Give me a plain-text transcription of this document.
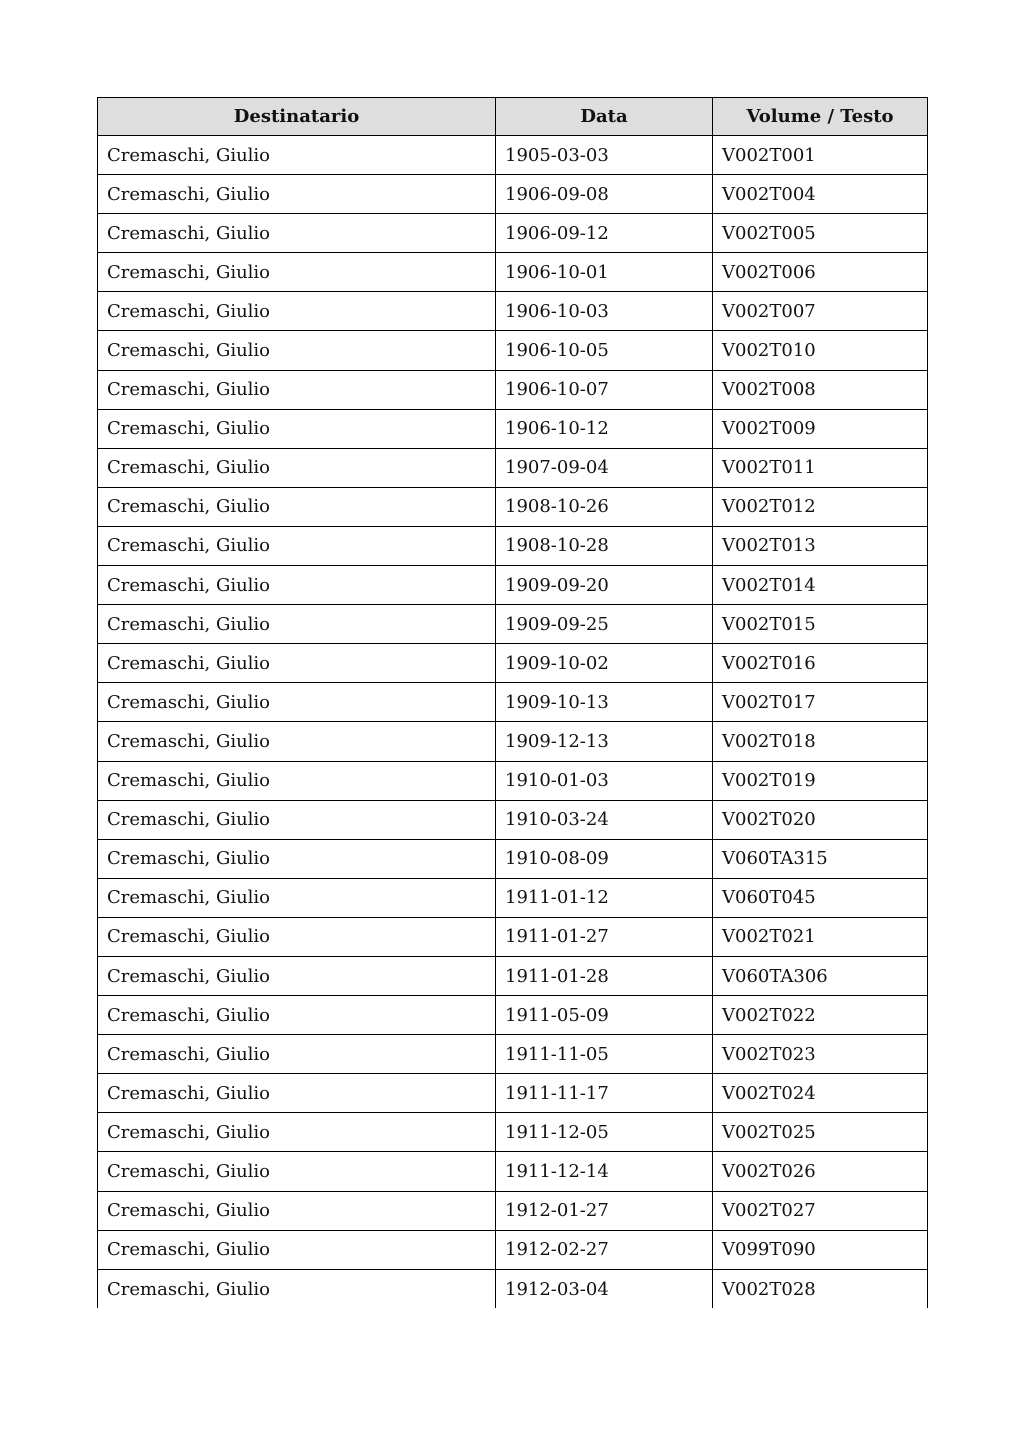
Destinatario	Data	Volume / Testo
Cremaschi, Giulio	1905-03-03	V002T001
Cremaschi, Giulio	1906-09-08	V002T004
Cremaschi, Giulio	1906-09-12	V002T005
Cremaschi, Giulio	1906-10-01	V002T006
Cremaschi, Giulio	1906-10-03	V002T007
Cremaschi, Giulio	1906-10-05	V002T010
Cremaschi, Giulio	1906-10-07	V002T008
Cremaschi, Giulio	1906-10-12	V002T009
Cremaschi, Giulio	1907-09-04	V002T011
Cremaschi, Giulio	1908-10-26	V002T012
Cremaschi, Giulio	1908-10-28	V002T013
Cremaschi, Giulio	1909-09-20	V002T014
Cremaschi, Giulio	1909-09-25	V002T015
Cremaschi, Giulio	1909-10-02	V002T016
Cremaschi, Giulio	1909-10-13	V002T017
Cremaschi, Giulio	1909-12-13	V002T018
Cremaschi, Giulio	1910-01-03	V002T019
Cremaschi, Giulio	1910-03-24	V002T020
Cremaschi, Giulio	1910-08-09	V060TA315
Cremaschi, Giulio	1911-01-12	V060T045
Cremaschi, Giulio	1911-01-27	V002T021
Cremaschi, Giulio	1911-01-28	V060TA306
Cremaschi, Giulio	1911-05-09	V002T022
Cremaschi, Giulio	1911-11-05	V002T023
Cremaschi, Giulio	1911-11-17	V002T024
Cremaschi, Giulio	1911-12-05	V002T025
Cremaschi, Giulio	1911-12-14	V002T026
Cremaschi, Giulio	1912-01-27	V002T027
Cremaschi, Giulio	1912-02-27	V099T090
Cremaschi, Giulio	1912-03-04	V002T028
